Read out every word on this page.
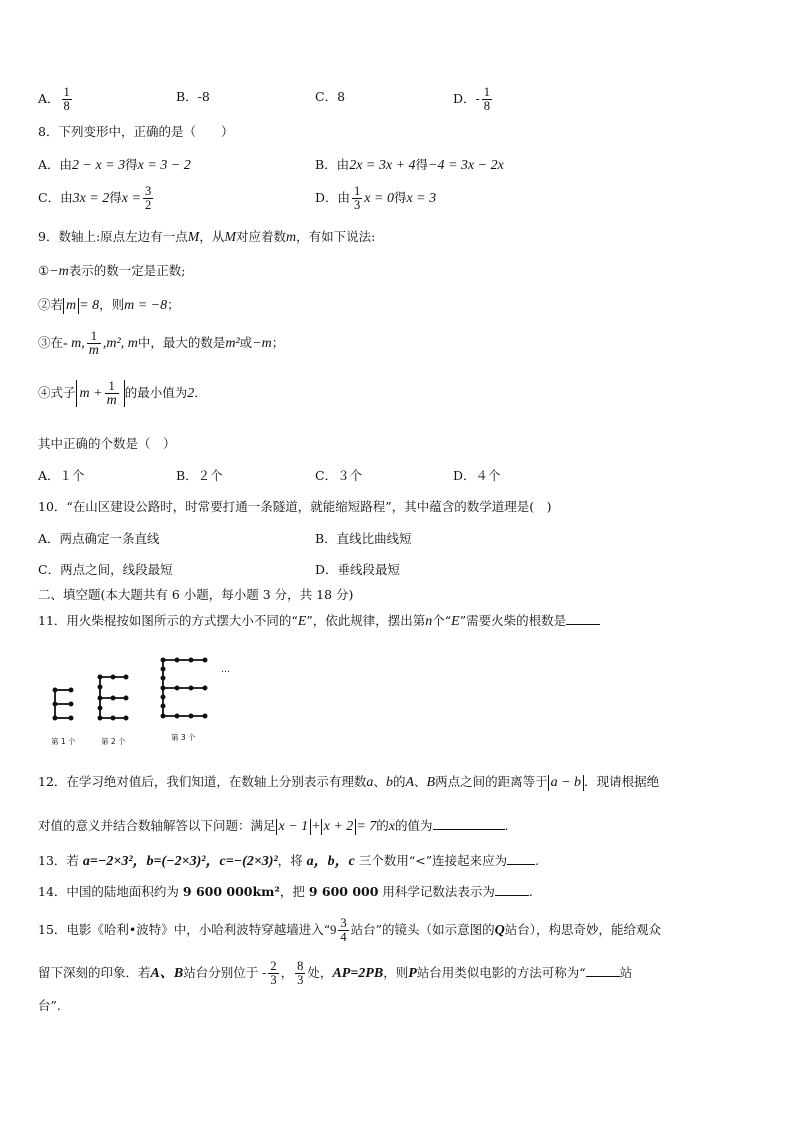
A． $\frac{1}{8}$	B．-8	C．8	D．- $\frac{1}{8}$
8．下列变形中，正确的是（　　）
A．由2 − x = 3得x = 3 − 2	B．由2x = 3x + 4得−4 = 3x − 2x
C．由3x = 2得$x = \frac{3}{2}$	D．由 $\frac{1}{3}$ x = 0得x = 3
9．数轴上:原点左边有一点M，从M对应着数m，有如下说法:
①−m表示的数一定是正数;
②若 m = 8，则m = −8；
③在- m, $\frac{1}{m} ,m^2$, m中，最大的数是m²或−m；
④式子 $m + \frac{1}{m}$ 的最小值为2．
其中正确的个数是（　）
A．１个	B．２个	C．３个	D．４个
10．“在山区建设公路时，时常要打通一条隧道，就能缩短路程”，其中蕴含的数学道理是(　)
A．两点确定一条直线	B．直线比曲线短
C．两点之间，线段最短	D．垂线段最短
二、填空题(本大题共有 6 小题，每小题 3 分，共 18 分)
11．用火柴棍按如图所示的方式摆大小不同的“E”，依此规律，摆出第n个“E”需要火柴的根数是
…
第 1 个	第 2 个	第 3 个
12．在学习绝对值后，我们知道，在数轴上分别表示有理数a、b的A、B两点之间的距离等于 a − b ．现请根据绝
对值的意义并结合数轴解答以下问题：满足 x − 1 + x + 2 = 7的x的值为	.
13．若 a=−2×3²，b=(−2×3)²，c=−(2×3)²，将 a，b，c 三个数用“<”连接起来应为 .
14．中国的陆地面积约为 9 600 000km²，把 9 600 000 用科学记数法表示为	.
15．电影《哈利•波特》中，小哈利波特穿越墙进入“$9 \frac{3}{4}$ 站台”的镜头（如示意图的Q站台），构思奇妙，能给观众
留下深刻的印象．若A、B站台分别位于 - $\frac{2}{3}$ ， $\frac{8}{3}$ 处，AP=2PB，则P站台用类似电影的方法可称为“	站
台”.
